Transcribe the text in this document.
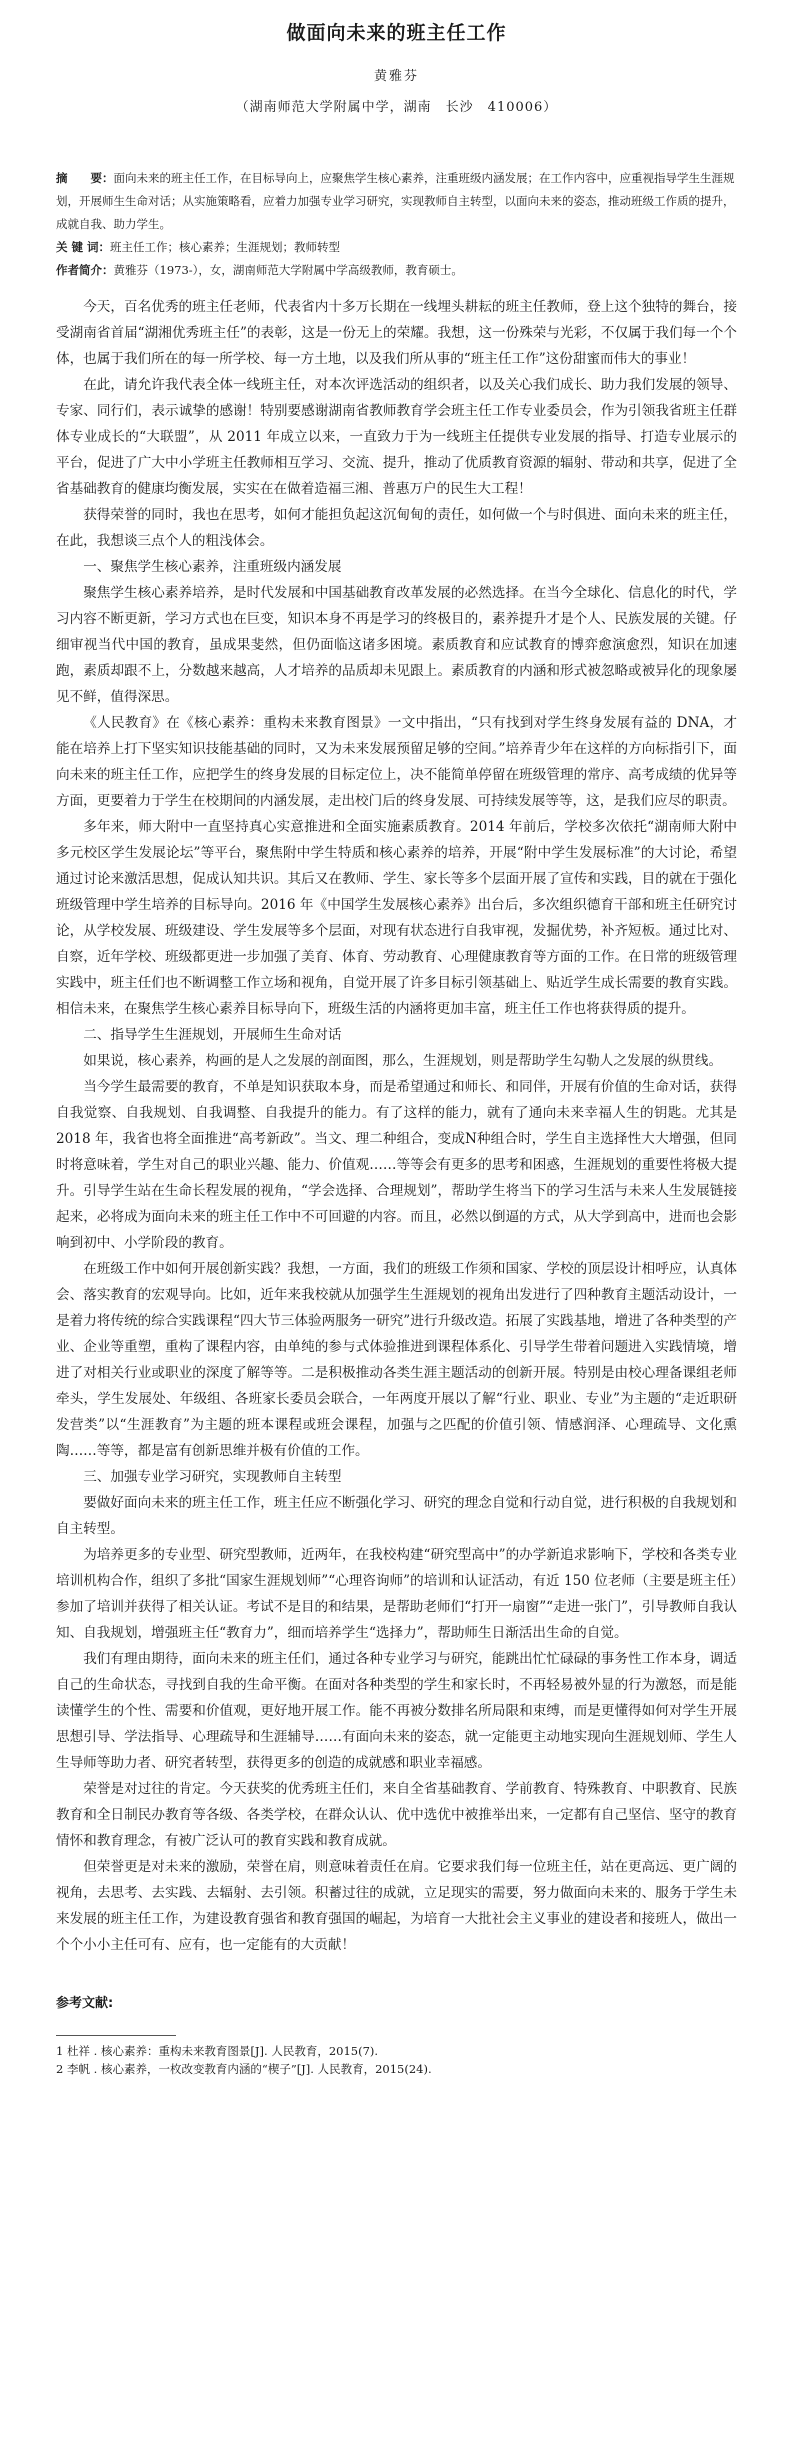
做面向未来的班主任工作
黄雅芬
（湖南师范大学附属中学，湖南　长沙　410006）

摘　　要：面向未来的班主任工作，在目标导向上，应聚焦学生核心素养，注重班级内涵发展；在工作内容中，应重视指导学生生涯规划，开展师生生命对话；从实施策略看，应着力加强专业学习研究，实现教师自主转型，以面向未来的姿态，推动班级工作质的提升，成就自我、助力学生。

关 键 词：班主任工作；核心素养；生涯规划；教师转型

作者简介：黄雅芬（1973-），女，湖南师范大学附属中学高级教师，教育硕士。

今天，百名优秀的班主任老师，代表省内十多万长期在一线埋头耕耘的班主任教师，登上这个独特的舞台，接受湖南省首届“湖湘优秀班主任”的表彰，这是一份无上的荣耀。我想，这一份殊荣与光彩，不仅属于我们每一个个体，也属于我们所在的每一所学校、每一方土地，以及我们所从事的“班主任工作”这份甜蜜而伟大的事业！

在此，请允许我代表全体一线班主任，对本次评选活动的组织者，以及关心我们成长、助力我们发展的领导、专家、同行们，表示诚挚的感谢！特别要感谢湖南省教师教育学会班主任工作专业委员会，作为引领我省班主任群体专业成长的“大联盟”，从 2011 年成立以来，一直致力于为一线班主任提供专业发展的指导、打造专业展示的平台，促进了广大中小学班主任教师相互学习、交流、提升，推动了优质教育资源的辐射、带动和共享，促进了全省基础教育的健康均衡发展，实实在在做着造福三湘、普惠万户的民生大工程！

获得荣誉的同时，我也在思考，如何才能担负起这沉甸甸的责任，如何做一个与时俱进、面向未来的班主任，在此，我想谈三点个人的粗浅体会。

一、聚焦学生核心素养，注重班级内涵发展

聚焦学生核心素养培养，是时代发展和中国基础教育改革发展的必然选择。在当今全球化、信息化的时代，学习内容不断更新，学习方式也在巨变，知识本身不再是学习的终极目的，素养提升才是个人、民族发展的关键。仔细审视当代中国的教育，虽成果斐然，但仍面临这诸多困境。素质教育和应试教育的博弈愈演愈烈，知识在加速跑，素质却跟不上，分数越来越高，人才培养的品质却未见跟上。素质教育的内涵和形式被忽略或被异化的现象屡见不鲜，值得深思。

《人民教育》在《核心素养：重构未来教育图景》一文中指出，“只有找到对学生终身发展有益的 DNA，才能在培养上打下坚实知识技能基础的同时，又为未来发展预留足够的空间。”培养青少年在这样的方向标指引下，面向未来的班主任工作，应把学生的终身发展的目标定位上，决不能简单停留在班级管理的常序、高考成绩的优异等方面，更要着力于学生在校期间的内涵发展，走出校门后的终身发展、可持续发展等等，这，是我们应尽的职责。

多年来，师大附中一直坚持真心实意推进和全面实施素质教育。2014 年前后，学校多次依托“湖南师大附中多元校区学生发展论坛”等平台，聚焦附中学生特质和核心素养的培养，开展“附中学生发展标准”的大讨论，希望通过讨论来激活思想，促成认知共识。其后又在教师、学生、家长等多个层面开展了宣传和实践，目的就在于强化班级管理中学生培养的目标导向。2016 年《中国学生发展核心素养》出台后，多次组织德育干部和班主任研究讨论，从学校发展、班级建设、学生发展等多个层面，对现有状态进行自我审视，发掘优势，补齐短板。通过比对、自察，近年学校、班级都更进一步加强了美育、体育、劳动教育、心理健康教育等方面的工作。在日常的班级管理实践中，班主任们也不断调整工作立场和视角，自觉开展了许多目标引领基础上、贴近学生成长需要的教育实践。相信未来，在聚焦学生核心素养目标导向下，班级生活的内涵将更加丰富，班主任工作也将获得质的提升。

二、指导学生生涯规划，开展师生生命对话

如果说，核心素养，构画的是人之发展的剖面图，那么，生涯规划，则是帮助学生勾勒人之发展的纵贯线。

当今学生最需要的教育，不单是知识获取本身，而是希望通过和师长、和同伴，开展有价值的生命对话，获得自我觉察、自我规划、自我调整、自我提升的能力。有了这样的能力，就有了通向未来幸福人生的钥匙。尤其是 2018 年，我省也将全面推进“高考新政”。当文、理二种组合，变成N种组合时，学生自主选择性大大增强，但同时将意味着，学生对自己的职业兴趣、能力、价值观……等等会有更多的思考和困惑，生涯规划的重要性将极大提升。引导学生站在生命长程发展的视角，“学会选择、合理规划”，帮助学生将当下的学习生活与未来人生发展链接起来，必将成为面向未来的班主任工作中不可回避的内容。而且，必然以倒逼的方式，从大学到高中，进而也会影响到初中、小学阶段的教育。

在班级工作中如何开展创新实践？我想，一方面，我们的班级工作须和国家、学校的顶层设计相呼应，认真体会、落实教育的宏观导向。比如，近年来我校就从加强学生生涯规划的视角出发进行了四种教育主题活动设计，一是着力将传统的综合实践课程“四大节三体验两服务一研究”进行升级改造。拓展了实践基地，增进了各种类型的产业、企业等重塑，重构了课程内容，由单纯的参与式体验推进到课程体系化、引导学生带着问题进入实践情境，增进了对相关行业或职业的深度了解等等。二是积极推动各类生涯主题活动的创新开展。特别是由校心理备课组老师牵头，学生发展处、年级组、各班家长委员会联合，一年两度开展以了解“行业、职业、专业”为主题的“走近职研发营类”以“生涯教育”为主题的班本课程或班会课程，加强与之匹配的价值引领、情感润泽、心理疏导、文化熏陶……等等，都是富有创新思维并极有价值的工作。

三、加强专业学习研究，实现教师自主转型

要做好面向未来的班主任工作，班主任应不断强化学习、研究的理念自觉和行动自觉，进行积极的自我规划和自主转型。

为培养更多的专业型、研究型教师，近两年，在我校构建“研究型高中”的办学新追求影响下，学校和各类专业培训机构合作，组织了多批“国家生涯规划师”“心理咨询师”的培训和认证活动，有近 150 位老师（主要是班主任）参加了培训并获得了相关认证。考试不是目的和结果，是帮助老师们“打开一扇窗”“走进一张门”，引导教师自我认知、自我规划，增强班主任“教育力”，细而培养学生“选择力”，帮助师生日渐活出生命的自觉。

我们有理由期待，面向未来的班主任们，通过各种专业学习与研究，能跳出忙忙碌碌的事务性工作本身，调适自己的生命状态，寻找到自我的生命平衡。在面对各种类型的学生和家长时，不再轻易被外显的行为激怒，而是能读懂学生的个性、需要和价值观，更好地开展工作。能不再被分数排名所局限和束缚，而是更懂得如何对学生开展思想引导、学法指导、心理疏导和生涯辅导……有面向未来的姿态，就一定能更主动地实现向生涯规划师、学生人生导师等助力者、研究者转型，获得更多的创造的成就感和职业幸福感。

荣誉是对过往的肯定。今天获奖的优秀班主任们，来自全省基础教育、学前教育、特殊教育、中职教育、民族教育和全日制民办教育等各级、各类学校，在群众认认、优中选优中被推举出来，一定都有自己坚信、坚守的教育情怀和教育理念，有被广泛认可的教育实践和教育成就。

但荣誉更是对未来的激励，荣誉在肩，则意味着责任在肩。它要求我们每一位班主任，站在更高远、更广阔的视角，去思考、去实践、去辐射、去引领。积蓄过往的成就，立足现实的需要，努力做面向未来的、服务于学生未来发展的班主任工作，为建设教育强省和教育强国的崛起，为培育一大批社会主义事业的建设者和接班人，做出一个个小小主任可有、应有，也一定能有的大贡献！

参考文献:

1 杜祥 . 核心素养：重构未来教育图景[J]. 人民教育，2015(7).

2 李帆 . 核心素养，一枚改变教育内涵的“楔子”[J]. 人民教育，2015(24).
